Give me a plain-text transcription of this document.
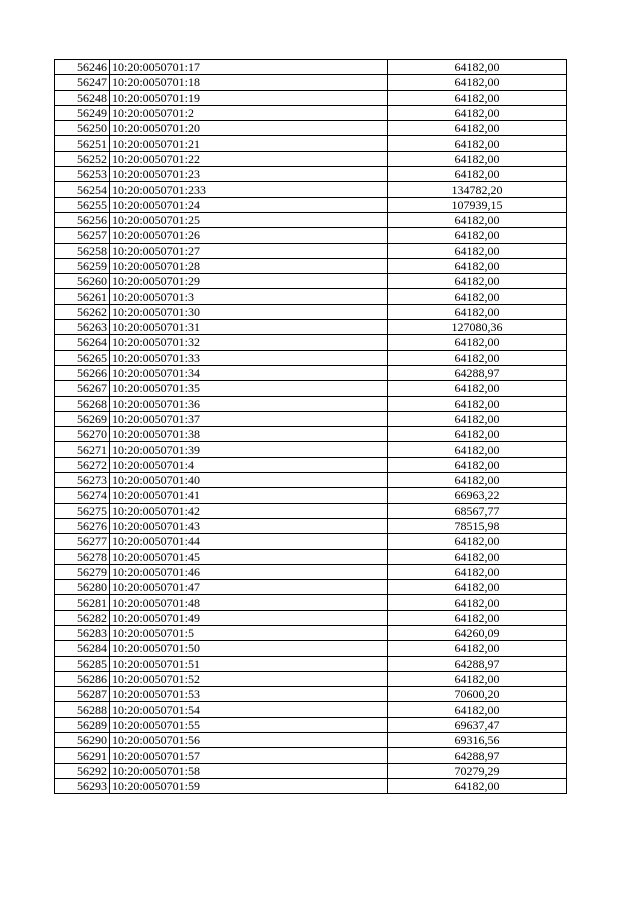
56246	10:20:0050701:17	64182,00
56247	10:20:0050701:18	64182,00
56248	10:20:0050701:19	64182,00
56249	10:20:0050701:2	64182,00
56250	10:20:0050701:20	64182,00
56251	10:20:0050701:21	64182,00
56252	10:20:0050701:22	64182,00
56253	10:20:0050701:23	64182,00
56254	10:20:0050701:233	134782,20
56255	10:20:0050701:24	107939,15
56256	10:20:0050701:25	64182,00
56257	10:20:0050701:26	64182,00
56258	10:20:0050701:27	64182,00
56259	10:20:0050701:28	64182,00
56260	10:20:0050701:29	64182,00
56261	10:20:0050701:3	64182,00
56262	10:20:0050701:30	64182,00
56263	10:20:0050701:31	127080,36
56264	10:20:0050701:32	64182,00
56265	10:20:0050701:33	64182,00
56266	10:20:0050701:34	64288,97
56267	10:20:0050701:35	64182,00
56268	10:20:0050701:36	64182,00
56269	10:20:0050701:37	64182,00
56270	10:20:0050701:38	64182,00
56271	10:20:0050701:39	64182,00
56272	10:20:0050701:4	64182,00
56273	10:20:0050701:40	64182,00
56274	10:20:0050701:41	66963,22
56275	10:20:0050701:42	68567,77
56276	10:20:0050701:43	78515,98
56277	10:20:0050701:44	64182,00
56278	10:20:0050701:45	64182,00
56279	10:20:0050701:46	64182,00
56280	10:20:0050701:47	64182,00
56281	10:20:0050701:48	64182,00
56282	10:20:0050701:49	64182,00
56283	10:20:0050701:5	64260,09
56284	10:20:0050701:50	64182,00
56285	10:20:0050701:51	64288,97
56286	10:20:0050701:52	64182,00
56287	10:20:0050701:53	70600,20
56288	10:20:0050701:54	64182,00
56289	10:20:0050701:55	69637,47
56290	10:20:0050701:56	69316,56
56291	10:20:0050701:57	64288,97
56292	10:20:0050701:58	70279,29
56293	10:20:0050701:59	64182,00
